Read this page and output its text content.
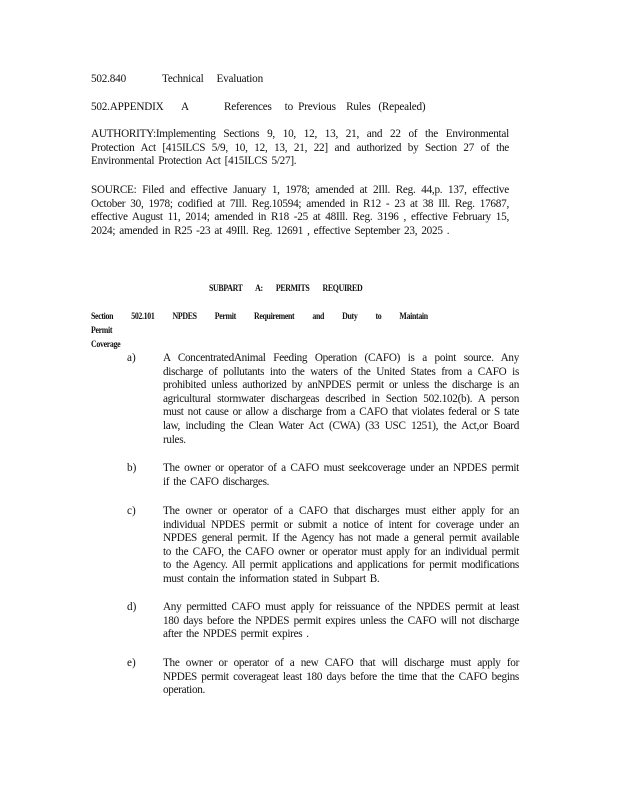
502.840	Technical     Evaluation
502.APPENDIX A	References     to  Previous    Rules   (Repealed)
AUTHORITY:Implementing Sections 9, 10, 12, 13, 21, and 22 of the Environmental Protection Act [415ILCS 5/9, 10, 12, 13, 21, 22] and authorized by Section 27 of the Environmental Protection Act [415ILCS 5/27].
SOURCE: Filed and effective January 1, 1978; amended at 2Ill. Reg. 44,p. 137, effective October 30, 1978; codified at 7Ill. Reg.10594; amended in R12 - 23 at 38 Ill. Reg. 17687, effective August 11, 2014; amended in R18 -25 at 48Ill. Reg. 3196 , effective February 15, 2024; amended in R25 -23 at 49Ill. Reg. 12691 , effective September 23, 2025 .
SUBPART A: PERMITS REQUIRED
Section 502.101 NPDES Permit Requirement and Duty to MaintainPermit
Coverage
a) A ConcentratedAnimal Feeding Operation (CAFO) is a point source. Any discharge of pollutants into the waters of the United States from a CAFO is prohibited unless authorized by anNPDES permit or unless the discharge is an agricultural stormwater dischargeas described in Section 502.102(b). A person must not cause or allow a discharge from a CAFO that violates federal or S tate law, including the Clean Water Act (CWA) (33 USC 1251), the Act,or Board rules.
b) The owner or operator of a CAFO must seekcoverage under an NPDES permit if the CAFO discharges.
c) The owner or operator of a CAFO that discharges must either apply for an individual NPDES permit or submit a notice of intent for coverage under an NPDES general permit. If the Agency has not made a general permit available to the CAFO, the CAFO owner or operator must apply for an individual permit to the Agency. All permit applications and applications for permit modifications must contain the information stated in Subpart B.
d) Any permitted CAFO must apply for reissuance of the NPDES permit at least 180 days before the NPDES permit expires unless the CAFO will not discharge after the NPDES permit expires .
e) The owner or operator of a new CAFO that will discharge must apply for NPDES permit coverageat least 180 days before the time that the CAFO begins operation.
